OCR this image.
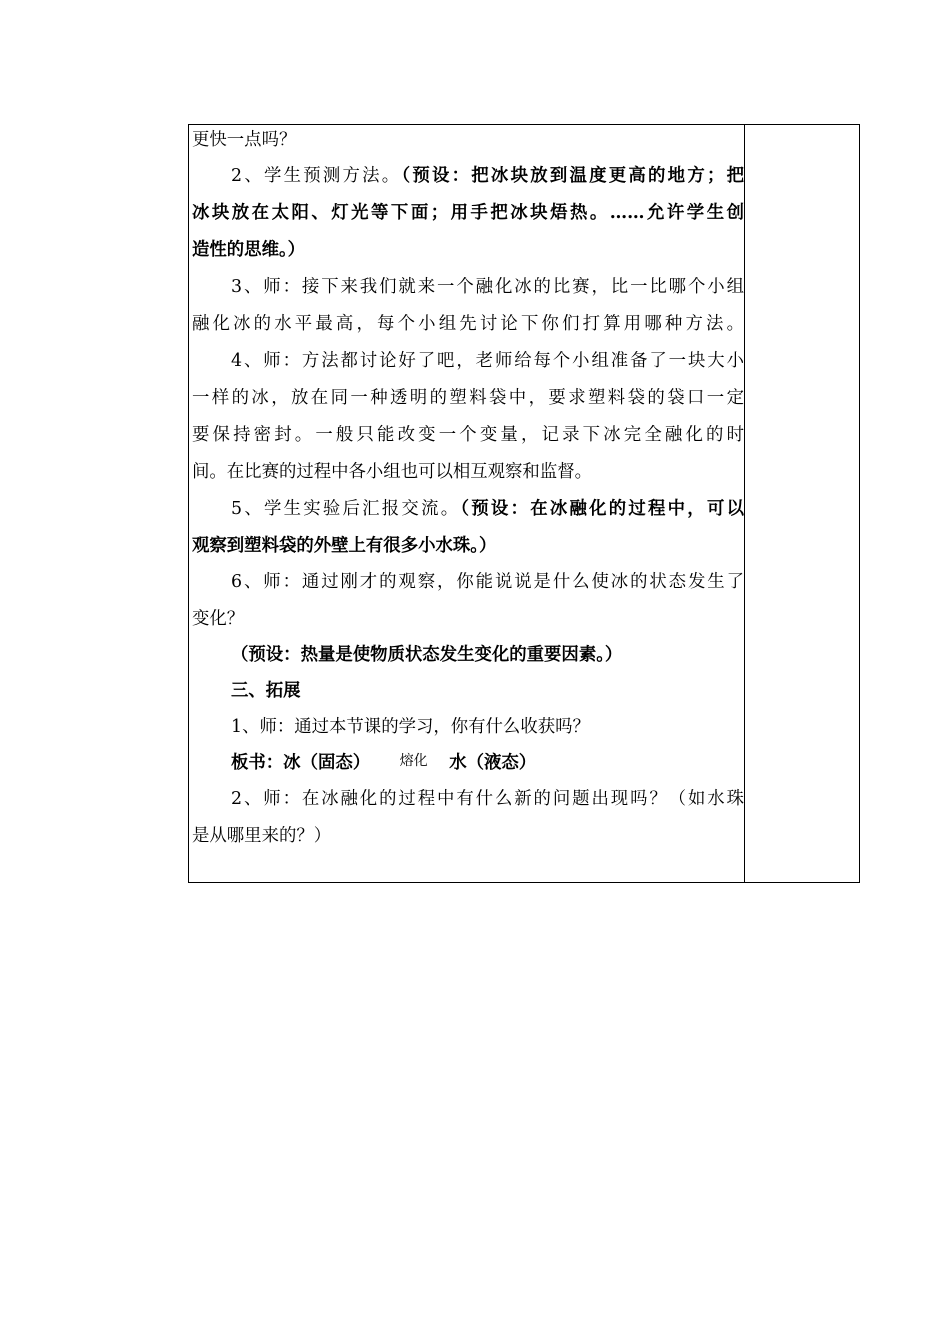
更快一点吗？
2、学生预测方法。（预设：把冰块放到温度更高的地方；把
冰块放在太阳、灯光等下面；用手把冰块焐热。……允许学生创
造性的思维。）
3、师：接下来我们就来一个融化冰的比赛，比一比哪个小组
融化冰的水平最高，每个小组先讨论下你们打算用哪种方法。
4、师：方法都讨论好了吧，老师给每个小组准备了一块大小
一样的冰，放在同一种透明的塑料袋中，要求塑料袋的袋口一定
要保持密封。一般只能改变一个变量，记录下冰完全融化的时
间。在比赛的过程中各小组也可以相互观察和监督。
5、学生实验后汇报交流。（预设：在冰融化的过程中，可以
观察到塑料袋的外壁上有很多小水珠。）
6、师：通过刚才的观察，你能说说是什么使冰的状态发生了
变化？
（预设：热量是使物质状态发生变化的重要因素。）
三、拓展
1、师：通过本节课的学习，你有什么收获吗？
板书：冰（固态） 熔化 水（液态）
2、师：在冰融化的过程中有什么新的问题出现吗？（如水珠
是从哪里来的？）
